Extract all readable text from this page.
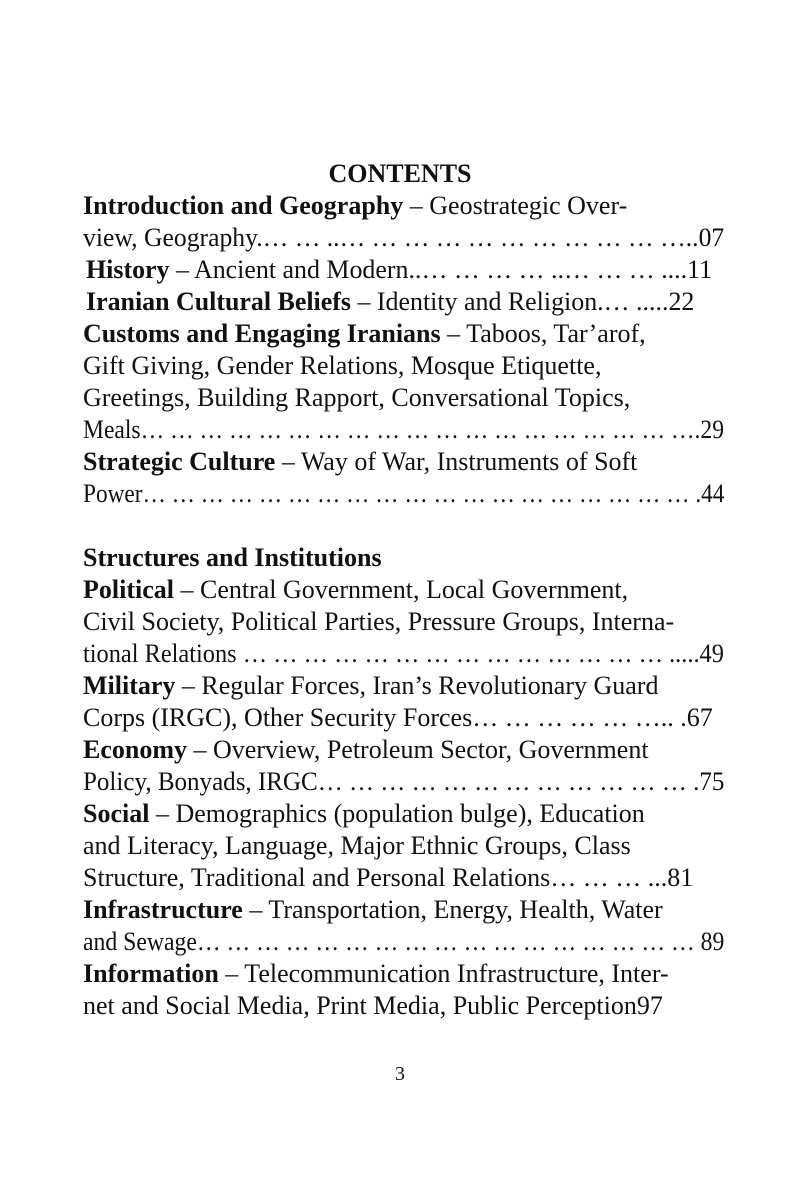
CONTENTS
Introduction and Geography – Geostrategic Over-
view, Geography.… … ..… … … … … … … … … … …..07
History – Ancient and Modern..… … … … ..… … … ....11
Iranian Cultural Beliefs – Identity and Religion.… .....22
Customs and Engaging Iranians – Taboos, Tar’arof,
Gift Giving, Gender Relations, Mosque Etiquette,
Greetings, Building Rapport, Conversational Topics,
Meals… … … … … … … … … … … … … … … … … … ….29
Strategic Culture – Way of War, Instruments of Soft
Power… … … … … … … … … … … … … … … … … … … .44
Structures and Institutions
Political – Central Government, Local Government,
Civil Society, Political Parties, Pressure Groups, Interna-
tional Relations … … … … … … … … … … … … … … .....49
Military – Regular Forces, Iran’s Revolutionary Guard
Corps (IRGC), Other Security Forces… … … … … ….. .67
Economy – Overview, Petroleum Sector, Government
Policy, Bonyads, IRGC… … … … … … … … … … … … .75
Social – Demographics (population bulge), Education
and Literacy, Language, Major Ethnic Groups, Class
Structure, Traditional and Personal Relations… … … ...81
Infrastructure – Transportation, Energy, Health, Water
and Sewage… … … … … … … … … … … … … … … … … 89
Information – Telecommunication Infrastructure, Inter-
net and Social Media, Print Media, Public Perception97
3
